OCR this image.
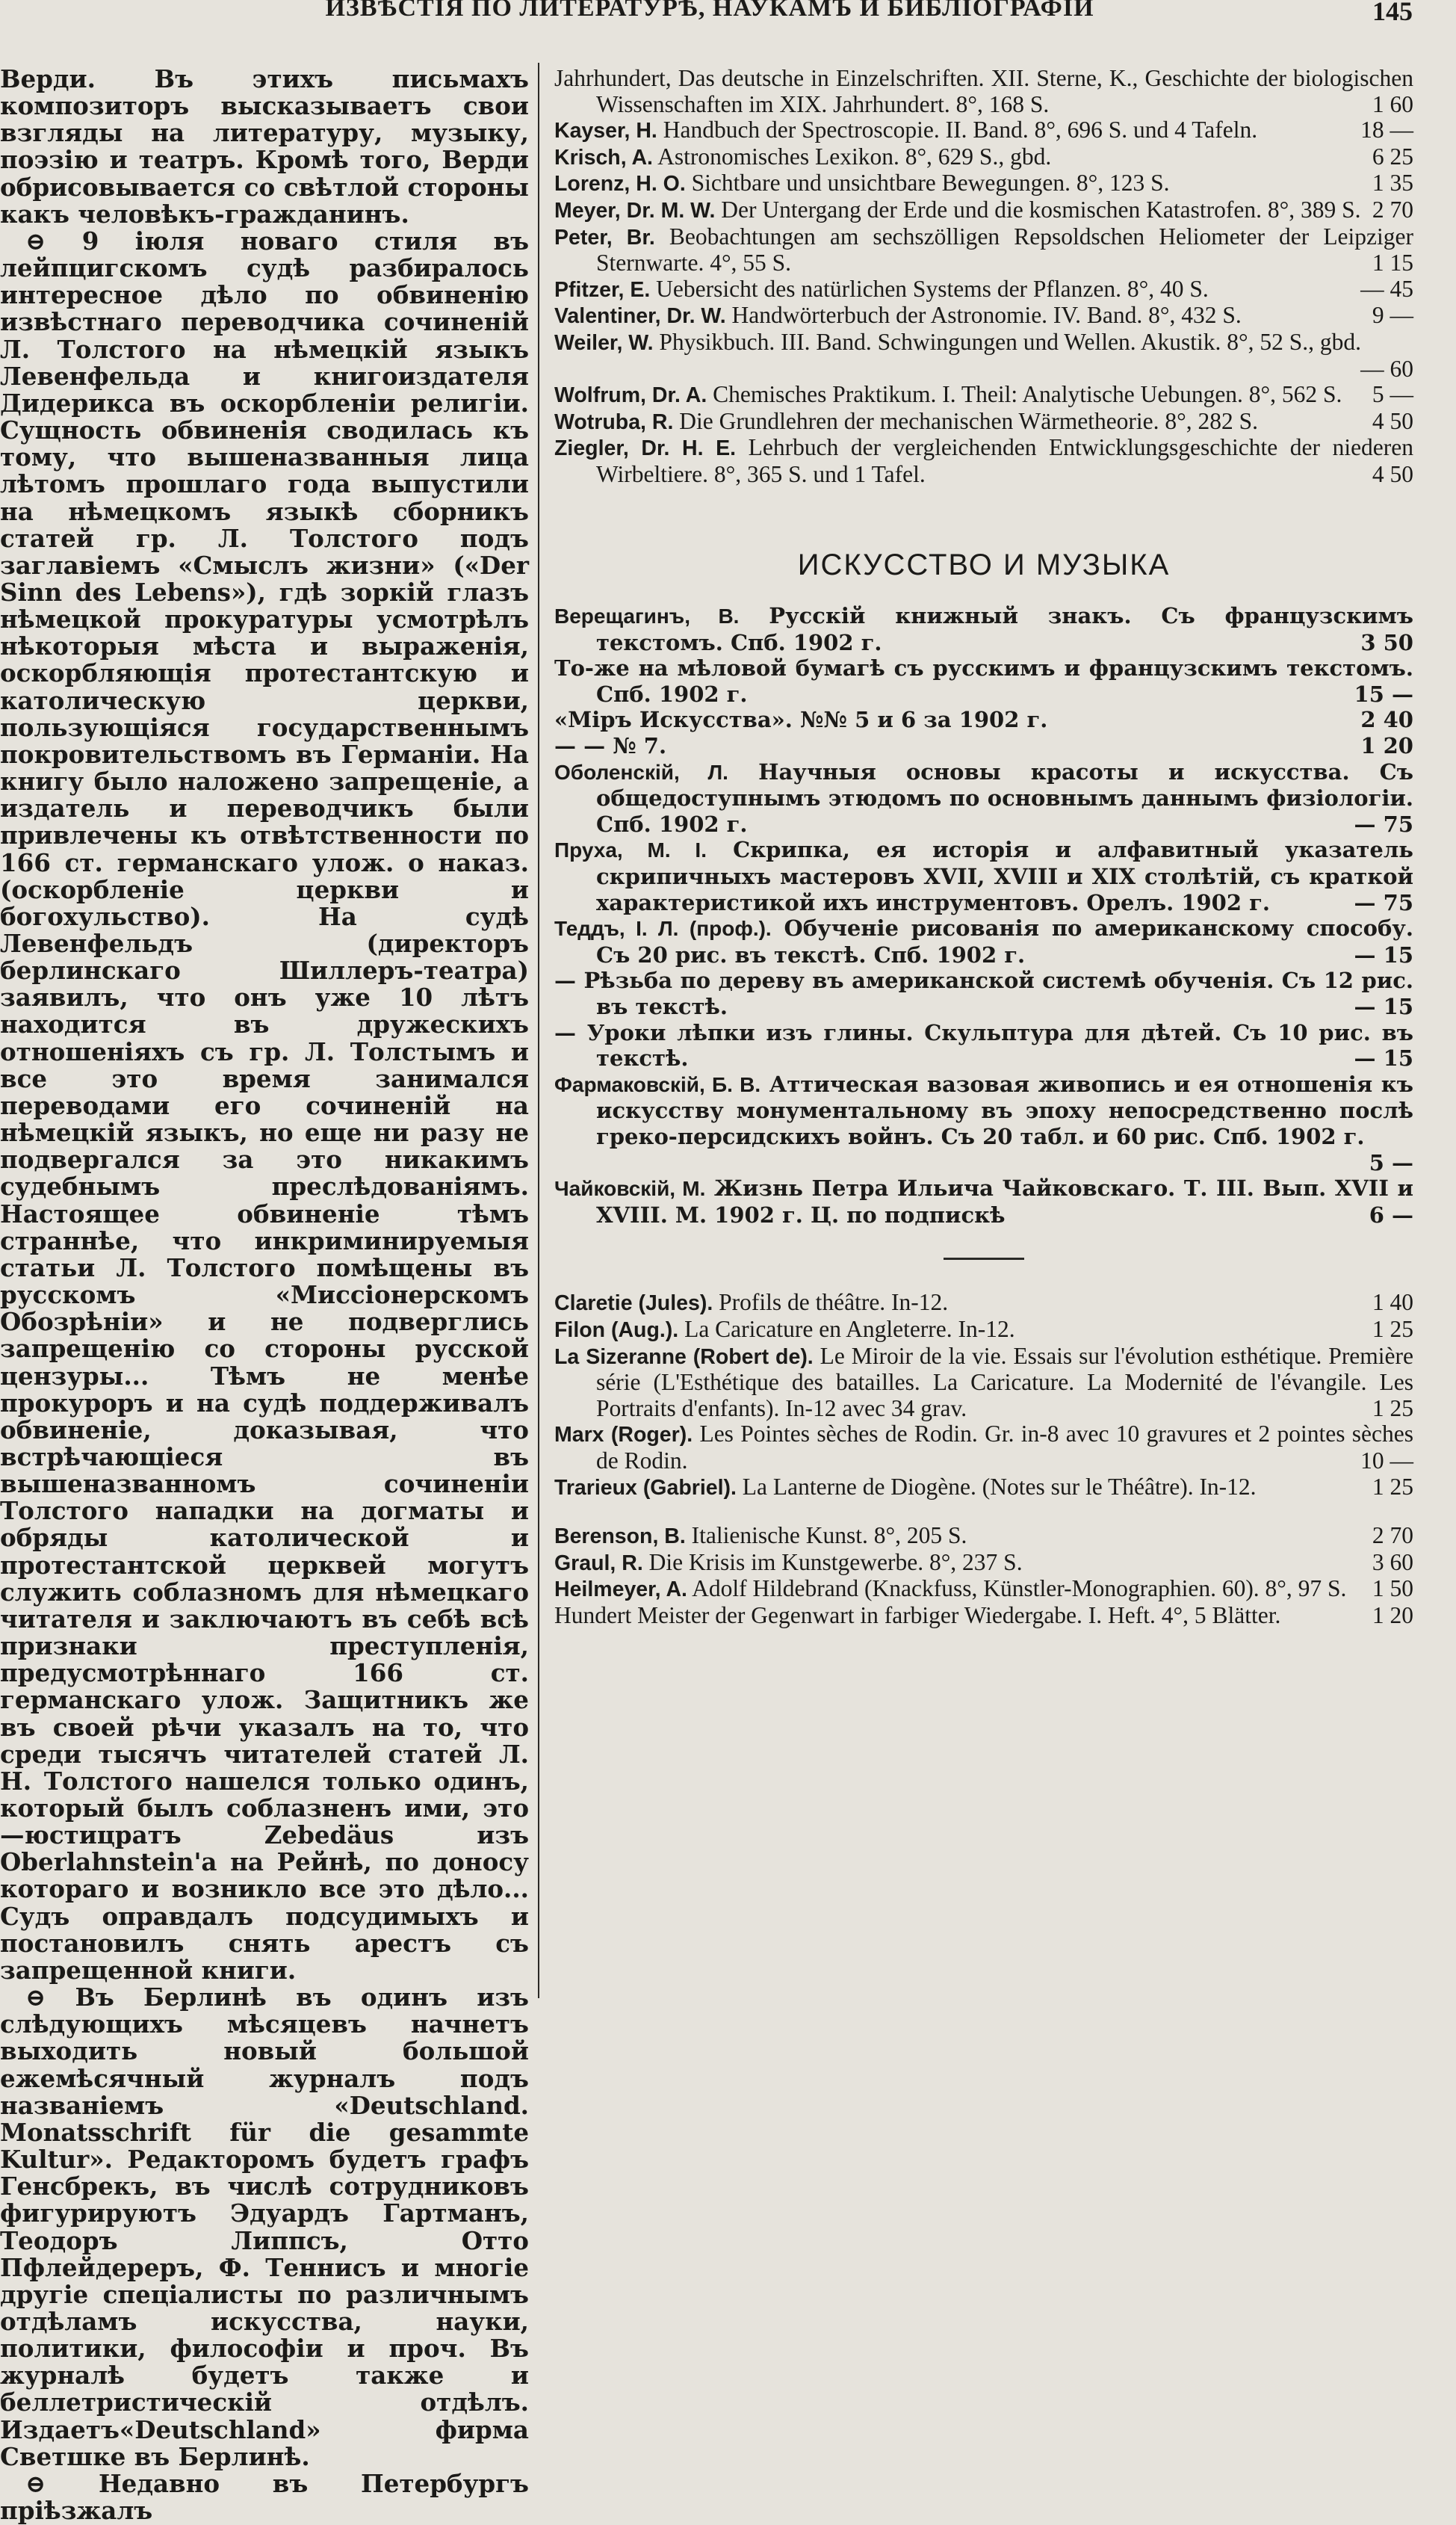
ИЗВѢСТІЯ ПО ЛИТЕРАТУРѢ, НАУКАМЪ И БИБЛІОГРАФІИ	145

Верди. Въ этихъ письмахъ композиторъ высказываетъ свои взгляды на литературу, музыку, поэзію и театръ. Кромѣ того, Верди обрисовывается со свѣтлой стороны какъ человѣкъ-гражданинъ.

⊖ 9 іюля новаго стиля въ лейпцигскомъ судѣ разбиралось интересное дѣло по обвиненію извѣстнаго переводчика сочиненій Л. Толстого на нѣмецкій языкъ Левенфельда и книгоиздателя Дидерикса въ оскорбленіи религіи. Сущность обвиненія сводилась къ тому, что вышеназванныя лица лѣтомъ прошлаго года выпустили на нѣмецкомъ языкѣ сборникъ статей гр. Л. Толстого подъ заглавіемъ «Смыслъ жизни» («Der Sinn des Lebens»), гдѣ зоркій глазъ нѣмецкой прокуратуры усмотрѣлъ нѣкоторыя мѣста и выраженія, оскорбляющія протестантскую и католическую церкви, пользующіяся государственнымъ покровительствомъ въ Германіи. На книгу было наложено запрещеніе, а издатель и переводчикъ были привлечены къ отвѣтственности по 166 ст. германскаго улож. о наказ. (оскорбленіе церкви и богохульство). На судѣ Левенфельдъ (директоръ берлинскаго Шиллеръ-театра) заявилъ, что онъ уже 10 лѣтъ находится въ дружескихъ отношеніяхъ съ гр. Л. Толстымъ и все это время занимался переводами его сочиненій на нѣмецкій языкъ, но еще ни разу не подвергался за это никакимъ судебнымъ преслѣдованіямъ. Настоящее обвиненіе тѣмъ страннѣе, что инкриминируемыя статьи Л. Толстого помѣщены въ русскомъ «Миссіонерскомъ Обозрѣніи» и не подверглись запрещенію со стороны русской цензуры... Тѣмъ не менѣе прокуроръ и на судѣ поддерживалъ обвиненіе, доказывая, что встрѣчающіеся въ вышеназванномъ сочиненіи Толстого нападки на догматы и обряды католической и протестантской церквей могутъ служить соблазномъ для нѣмецкаго читателя и заключаютъ въ себѣ всѣ признаки преступленія, предусмотрѣннаго 166 ст. германскаго улож. Защитникъ же въ своей рѣчи указалъ на то, что среди тысячъ читателей статей Л. Н. Толстого нашелся только одинъ, который былъ соблазненъ ими, это—юстицратъ Zebedäus изъ Oberlahnstein'а на Рейнѣ, по доносу котораго и возникло все это дѣло... Судъ оправдалъ подсудимыхъ и постановилъ снять арестъ съ запрещенной книги.

⊖ Въ Берлинѣ въ одинъ изъ слѣдующихъ мѣсяцевъ начнетъ выходить новый большой ежемѣсячный журналъ подъ названіемъ «Deutschland. Monatsschrift für die gesammte Kultur». Редакторомъ будетъ графъ Генсбрекъ, въ числѣ сотрудниковъ фигурируютъ Эдуардъ Гартманъ, Теодоръ Липпсъ, Отто Пфлейдереръ, Ф. Теннисъ и многіе другіе спеціалисты по различнымъ отдѣламъ искусства, науки, политики, философіи и проч. Въ журналѣ будетъ также и беллетристическій отдѣлъ. Издаетъ«Deutschland» фирма Светшке въ Берлинѣ.

⊖ Недавно въ Петербургъ пріѣзжалъ

Jahrhundert, Das deutsche in Einzelschriften. XII. Sterne, K., Geschichte der biologischen Wissenschaften im XIX. Jahrhundert. 8°, 168 S.	1 60

Kayser, H. Handbuch der Spectroscopie. II. Band. 8°, 696 S. und 4 Tafeln.	18 —

Krisch, A. Astronomisches Lexikon. 8°, 629 S., gbd.	6 25

Lorenz, H. O. Sichtbare und unsichtbare Bewegungen. 8°, 123 S.	1 35

Meyer, Dr. M. W. Der Untergang der Erde und die kosmischen Katastrofen. 8°, 389 S. 2 70

Peter, Br. Beobachtungen am sechszölligen Repsoldschen Heliometer der Leipziger Sternwarte. 4°, 55 S.	1 15

Pfitzer, E. Uebersicht des natürlichen Systems der Pflanzen. 8°, 40 S.	— 45

Valentiner, Dr. W. Handwörterbuch der Astronomie. IV. Band. 8°, 432 S.	9 —

Weiler, W. Physikbuch. III. Band. Schwingungen und Wellen. Akustik. 8°, 52 S., gbd.
— 60

Wolfrum, Dr. A. Chemisches Praktikum. I. Theil: Analytische Uebungen. 8°, 562 S.	5 —

Wotruba, R. Die Grundlehren der mechanischen Wärmetheorie. 8°, 282 S.	4 50

Ziegler, Dr. H. E. Lehrbuch der vergleichenden Entwicklungsgeschichte der niederen Wirbeltiere. 8°, 365 S. und 1 Tafel.	4 50

ИСКУССТВО И МУЗЫКА

Верещагинъ, В. Русскій книжный знакъ. Съ французскимъ текстомъ. Спб. 1902 г.	3 50

То-же на мѣловой бумагѣ съ русскимъ и французскимъ текстомъ. Спб. 1902 г.	15 —

«Міръ Искусства». №№ 5 и 6 за 1902 г.	2 40

— — № 7.	1 20

Оболенскій, Л. Научныя основы красоты и искусства. Съ общедоступнымъ этюдомъ по основнымъ даннымъ физіологіи. Спб. 1902 г.	— 75

Пруха, М. І. Скрипка, ея исторія и алфавитный указатель скрипичныхъ мастеровъ XVII, XVIII и XIX столѣтій, съ краткой характеристикой ихъ инструментовъ. Орелъ. 1902 г.	— 75

Теддъ, І. Л. (проф.). Обученіе рисованія по американскому способу. Съ 20 рис. въ текстѣ. Спб. 1902 г.	— 15

— Рѣзьба по дереву въ американской системѣ обученія. Съ 12 рис. въ текстѣ.	— 15

— Уроки лѣпки изъ глины. Скульптура для дѣтей. Съ 10 рис. въ текстѣ.	— 15

Фармаковскій, Б. В. Аттическая вазовая живопись и ея отношенія къ искусству монументальному въ эпоху непосредственно послѣ греко-персидскихъ войнъ. Съ 20 табл. и 60 рис. Спб. 1902 г.
5 —

Чайковскій, М. Жизнь Петра Ильича Чайковскаго. Т. III. Вып. XVII и XVIII. М. 1902 г. Ц. по подпискѣ	6 —

Claretie (Jules). Profils de théâtre. In-12.	1 40

Filon (Aug.). La Caricature en Angleterre. In-12.	1 25

La Sizeranne (Robert de). Le Miroir de la vie. Essais sur l'évolution esthétique. Première série (L'Esthétique des batailles. La Caricature. La Modernité de l'évangile. Les Portraits d'enfants). In-12 avec 34 grav.	1 25

Marx (Roger). Les Pointes sèches de Rodin. Gr. in-8 avec 10 gravures et 2 pointes sèches de Rodin.	10 —

Trarieux (Gabriel). La Lanterne de Diogène. (Notes sur le Théâtre). In-12.	1 25

Berenson, B. Italienische Kunst. 8°, 205 S.	2 70

Graul, R. Die Krisis im Kunstgewerbe. 8°, 237 S.	3 60

Heilmeyer, A. Adolf Hildebrand (Knackfuss, Künstler-Monographien. 60). 8°, 97 S.	1 50

Hundert Meister der Gegenwart in farbiger Wiedergabe. I. Heft. 4°, 5 Blätter.	1 20
